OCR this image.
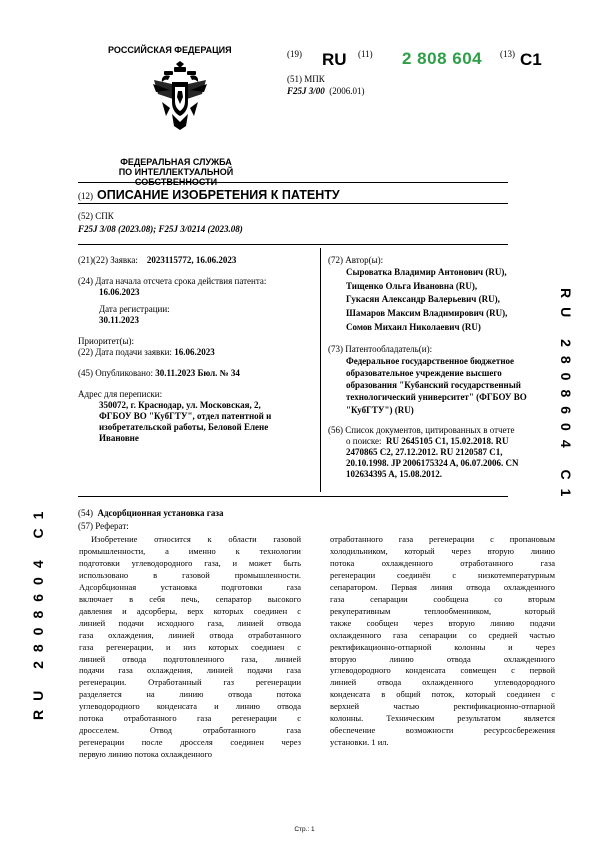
РОССИЙСКАЯ ФЕДЕРАЦИЯ
ФЕДЕРАЛЬНАЯ СЛУЖБА
ПО ИНТЕЛЛЕКТУАЛЬНОЙ СОБСТВЕННОСТИ
(19) RU (11) 2 808 604 (13) C1
(51) МПК
F25J 3/00 (2006.01)
(12) ОПИСАНИЕ ИЗОБРЕТЕНИЯ К ПАТЕНТУ
(52) СПК
F25J 3/08 (2023.08); F25J 3/0214 (2023.08)
(21)(22) Заявка: 2023115772, 16.06.2023
(24) Дата начала отсчета срока действия патента:
16.06.2023
Дата регистрации:
30.11.2023
Приоритет(ы):
(22) Дата подачи заявки: 16.06.2023
(45) Опубликовано: 30.11.2023 Бюл. № 34
Адрес для переписки:
350072, г. Краснодар, ул. Московская, 2,
ФГБОУ ВО "КубГТУ", отдел патентной и
изобретательской работы, Беловой Елене
Ивановне
(72) Автор(ы):
Сыроватка Владимир Антонович (RU),
Тищенко Ольга Ивановна (RU),
Гукасян Александр Валерьевич (RU),
Шамаров Максим Владимирович (RU),
Сомов Михаил Николаевич (RU)
(73) Патентообладатель(и):
Федеральное государственное бюджетное
образовательное учреждение высшего
образования "Кубанский государственный
технологический университет" (ФГБОУ ВО
"КубГТУ") (RU)
(56) Список документов, цитированных в отчете
о поиске: RU 2645105 C1, 15.02.2018. RU
2470865 C2, 27.12.2012. RU 2120587 C1,
20.10.1998. JP 2006175324 A, 06.07.2006. CN
102634395 A, 15.08.2012.	RU 2808604 C1
RU 2808604 C1	(54) Адсорбционная установка газа
(57) Реферат:
Изобретение относится к области газовой
промышленности, а именно к технологии
подготовки углеводородного газа, и может быть
использовано в газовой промышленности.
Адсорбционная установка подготовки газа
включает в себя печь, сепаратор высокого
давления и адсорберы, верх которых соединен с
линией подачи исходного газа, линией отвода
газа охлаждения, линией отвода отработанного
газа регенерации, и низ которых соединен с
линией отвода подготовленного газа, линией
подачи газа охлаждения, линией подачи газа
регенерации. Отработанный газ регенерации
разделяется на линию отвода потока
углеводородного конденсата и линию отвода
потока отработанного газа регенерации с
дросселем. Отвод отработанного газа
регенерации после дросселя соединен через
первую линию потока охлажденного
отработанного газа регенерации с пропановым
холодильником, который через вторую линию
потока охлажденного отработанного газа
регенерации соединён с низкотемпературным
сепаратором. Первая линия отвода охлажденного
газа сепарации сообщена со вторым
рекуперативным теплообменником, который
также сообщен через вторую линию подачи
охлажденного газа сепарации со средней частью
ректификационно-отпарной колонны и через
вторую линию отвода охлажденного
углеводородного конденсата совмещен с первой
линией отвода охлажденного углеводородного
конденсата в общий поток, который соединен с
верхней частью ректификационно-отпарной
колонны. Техническим результатом является
обеспечение возможности ресурсосбережения
установки. 1 ил.
Стр.: 1
